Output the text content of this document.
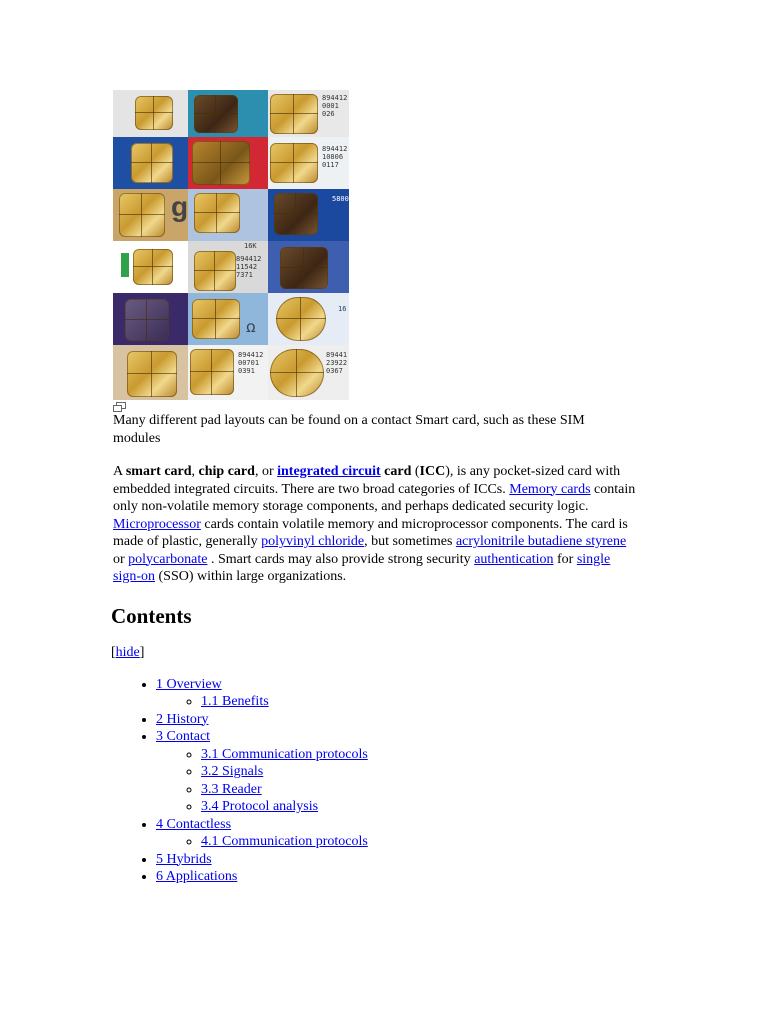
894412
0001
026
894412
10806
0117
g	580057
16K
894412
11542
7371
ꭥ
16
894412
00701
0391
89441
23922
0367

Many different pad layouts can be found on a contact Smart card, such as these SIM modules

A smart card, chip card, or integrated circuit card (ICC), is any pocket-sized card with embedded integrated circuits. There are two broad categories of ICCs. Memory cards contain only non-volatile memory storage components, and perhaps dedicated security logic. Microprocessor cards contain volatile memory and microprocessor components. The card is made of plastic, generally polyvinyl chloride, but sometimes acrylonitrile butadiene styrene or polycarbonate . Smart cards may also provide strong security authentication for single sign-on (SSO) within large organizations.

Contents
[hide]
• 1 Overview
◦ 1.1 Benefits
• 2 History
• 3 Contact
◦ 3.1 Communication protocols
◦ 3.2 Signals
◦ 3.3 Reader
◦ 3.4 Protocol analysis
• 4 Contactless
◦ 4.1 Communication protocols
• 5 Hybrids
• 6 Applications
